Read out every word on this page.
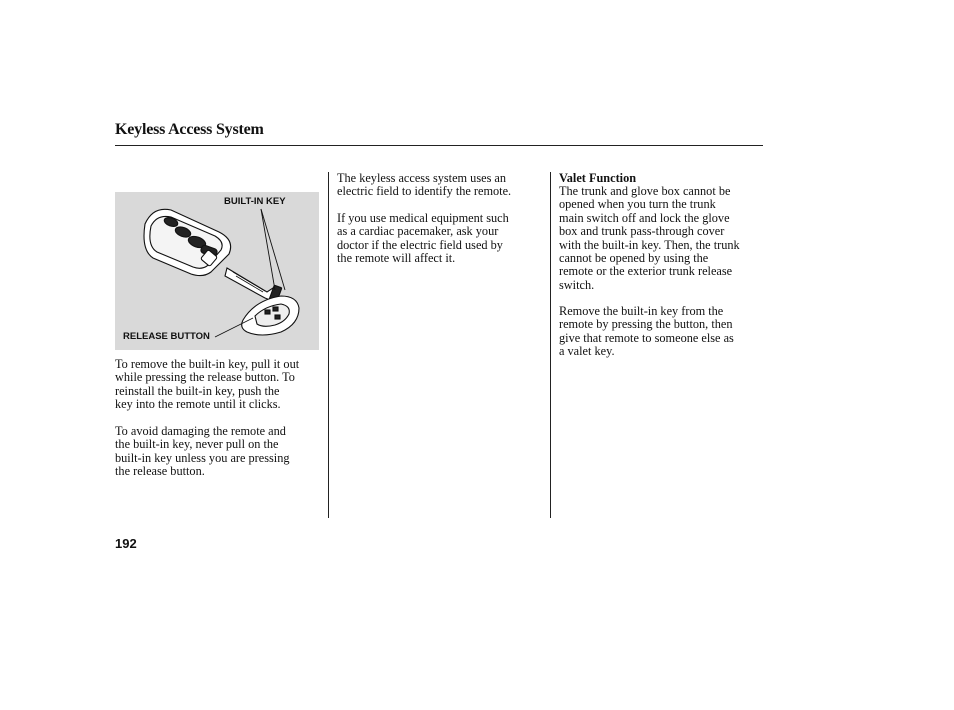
Keyless Access System
BUILT-IN KEY
RELEASE BUTTON

To remove the built-in key, pull it out
while pressing the release button. To
reinstall the built-in key, push the
key into the remote until it clicks.

To avoid damaging the remote and
the built-in key, never pull on the
built-in key unless you are pressing
the release button.

The keyless access system uses an
electric field to identify the remote.

If you use medical equipment such
as a cardiac pacemaker, ask your
doctor if the electric field used by
the remote will affect it.

Valet Function

The trunk and glove box cannot be
opened when you turn the trunk
main switch off and lock the glove
box and trunk pass-through cover
with the built-in key. Then, the trunk
cannot be opened by using the
remote or the exterior trunk release
switch.

Remove the built-in key from the
remote by pressing the button, then
give that remote to someone else as
a valet key.

192
